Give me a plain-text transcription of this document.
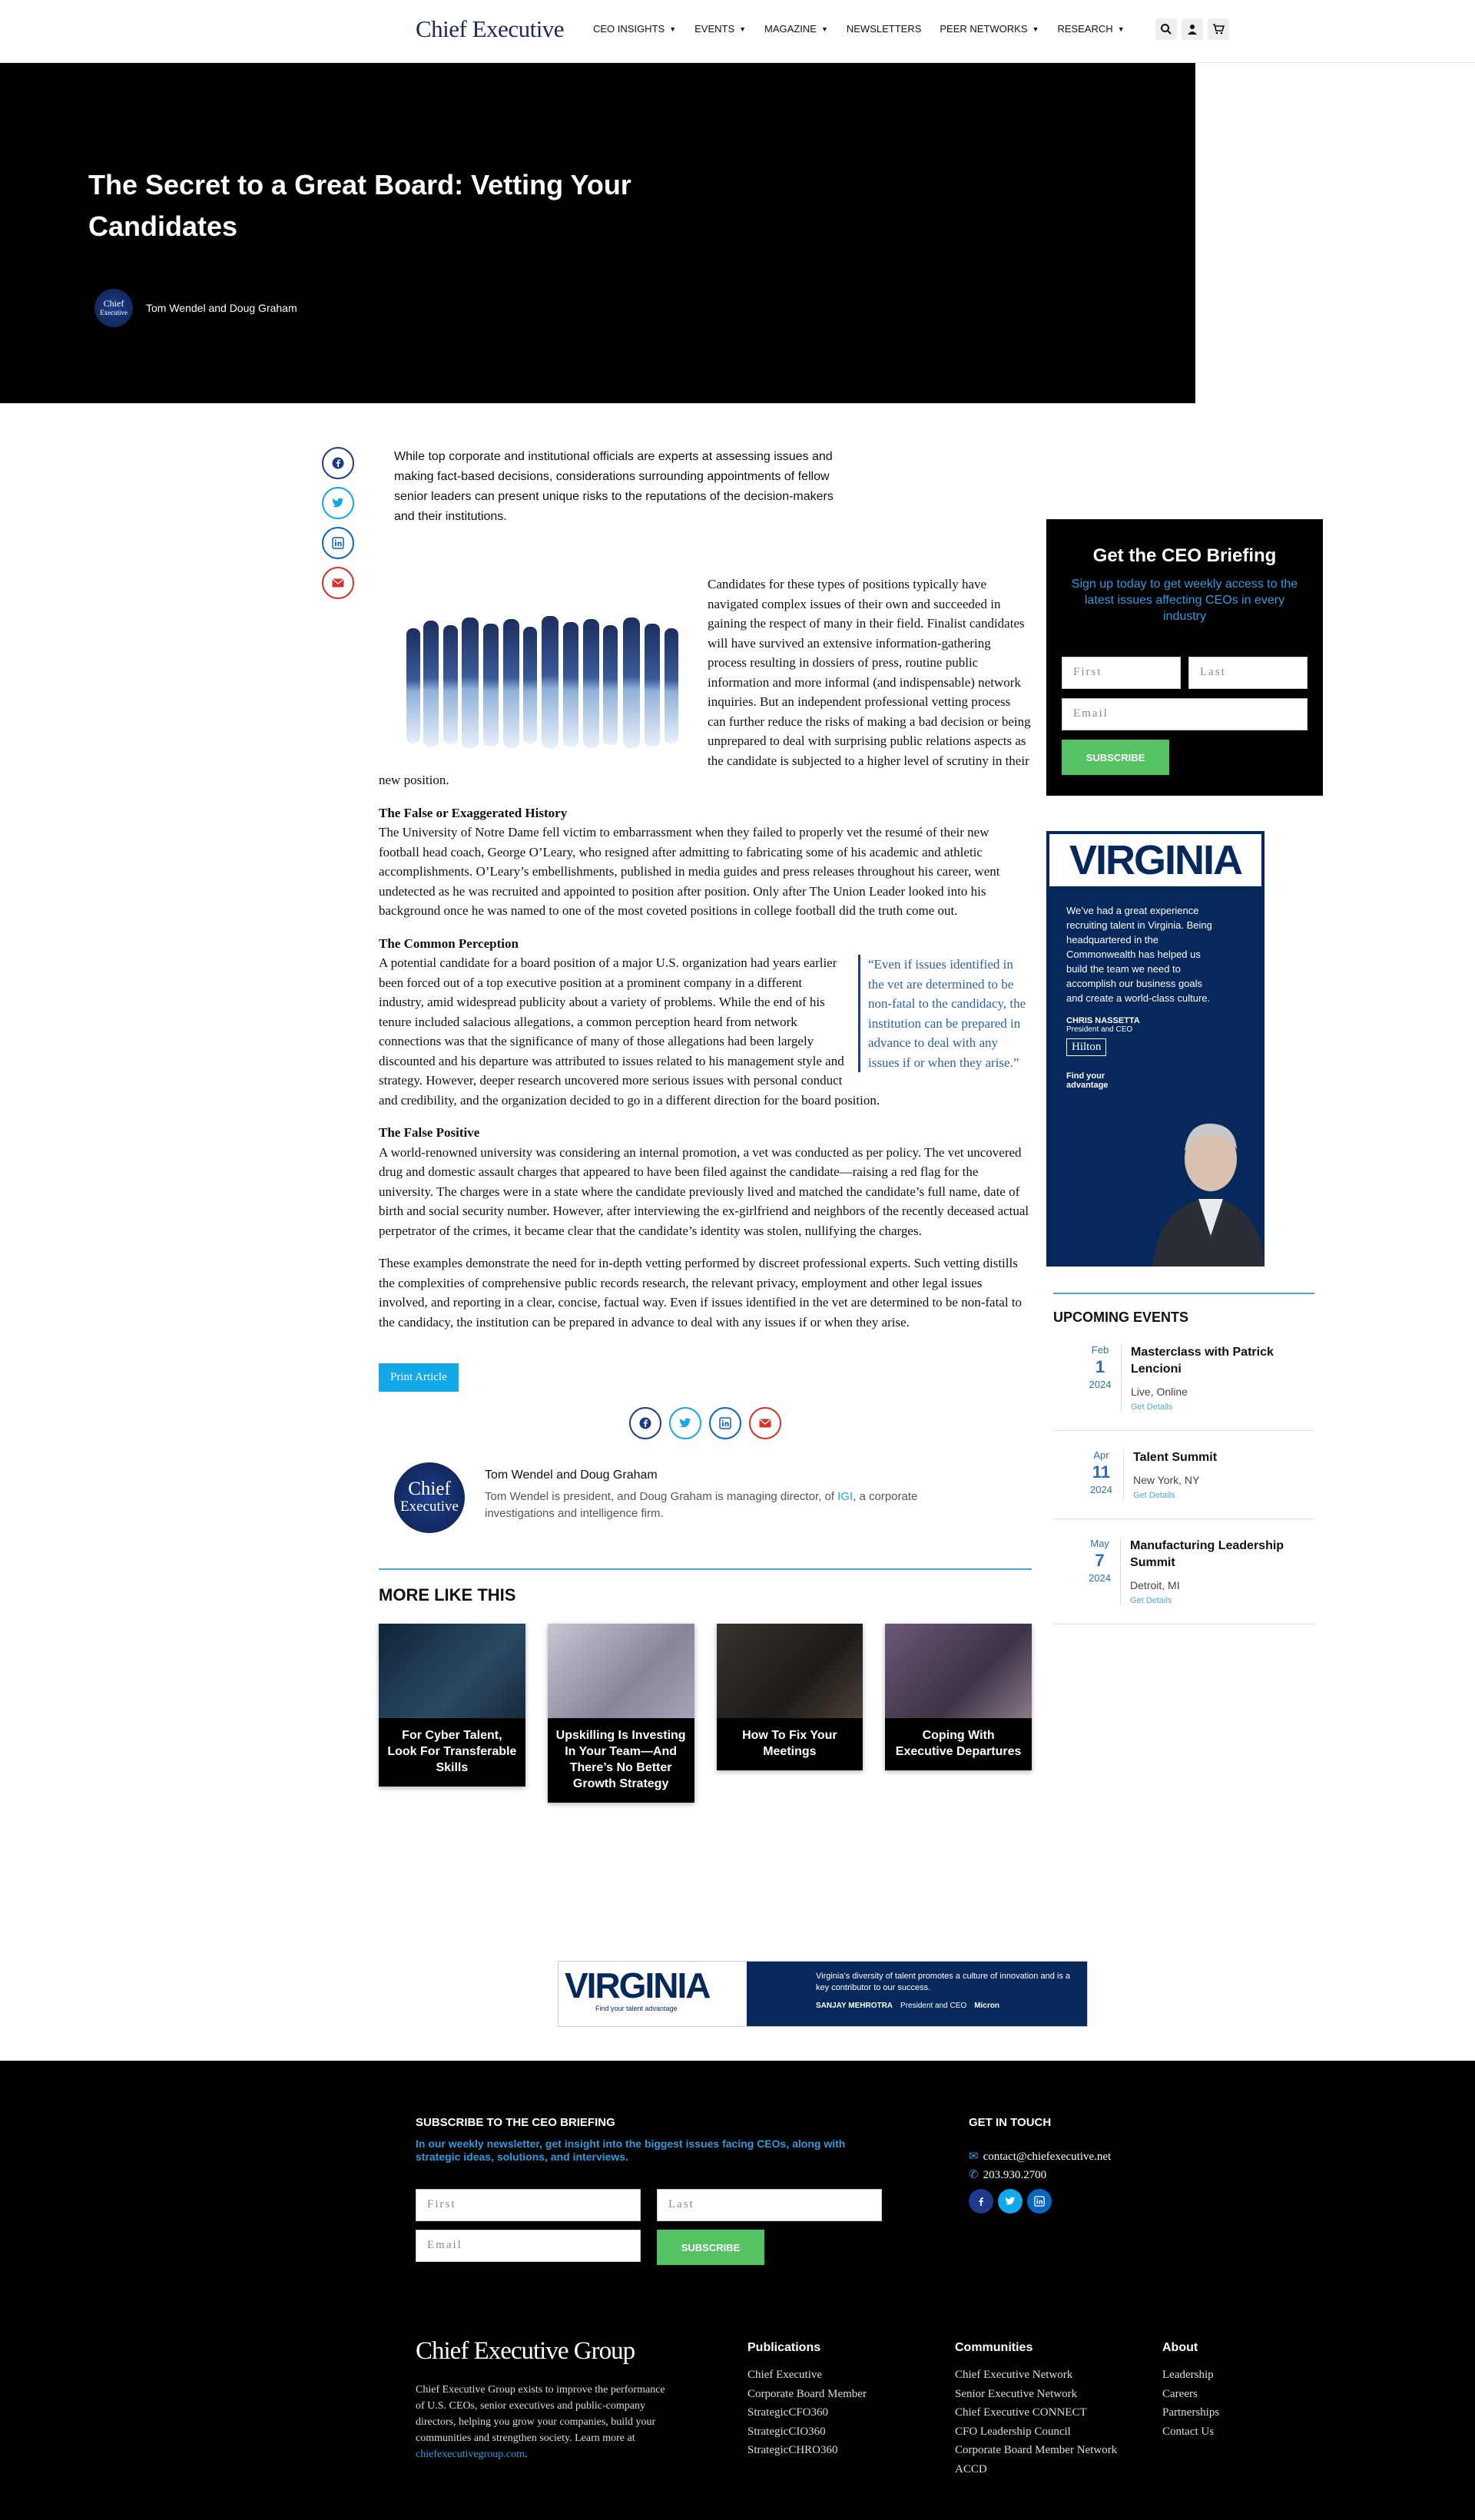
Chief Executive	CEO INSIGHTS ▼ EVENTS ▼ MAGAZINE ▼ NEWSLETTERS PEER NETWORKS ▼ RESEARCH ▼
The Secret to a Great Board: Vetting Your Candidates
Chief
Executive Tom Wendel and Doug Graham

While top corporate and institutional officials are experts at assessing issues and making fact-based decisions, considerations surrounding appointments of fellow senior leaders can present unique risks to the reputations of the decision-makers and their institutions.

Candidates for these types of positions typically have navigated complex issues of their own and succeeded in gaining the respect of many in their field. Finalist candidates will have survived an extensive information-gathering process resulting in dossiers of press, routine public information and more informal (and indispensable) network inquiries. But an independent professional vetting process can further reduce the risks of making a bad decision or being unprepared to deal with surprising public relations aspects as the candidate is subjected to a higher level of scrutiny in their new position.

The False or Exaggerated History

The University of Notre Dame fell victim to embarrassment when they failed to properly vet the resumé of their new football head coach, George O’Leary, who resigned after admitting to fabricating some of his academic and athletic accomplishments. O’Leary’s embellishments, published in media guides and press releases throughout his career, went undetected as he was recruited and appointed to position after position. Only after The Union Leader looked into his background once he was named to one of the most coveted positions in college football did the truth come out.

The Common Perception
“Even if issues identified in the vet are determined to be non-fatal to the candidacy, the institution can be prepared in advance to deal with any issues if or when they arise.”

A potential candidate for a board position of a major U.S. organization had years earlier been forced out of a top executive position at a prominent company in a different industry, amid widespread publicity about a variety of problems. While the end of his tenure included salacious allegations, a common perception heard from network connections was that the significance of many of those allegations had been largely discounted and his departure was attributed to issues related to his management style and strategy. However, deeper research uncovered more serious issues with personal conduct and credibility, and the organization decided to go in a different direction for the board position.

The False Positive

A world-renowned university was considering an internal promotion, a vet was conducted as per policy. The vet uncovered drug and domestic assault charges that appeared to have been filed against the candidate—raising a red flag for the university. The charges were in a state where the candidate previously lived and matched the candidate’s full name, date of birth and social security number. However, after interviewing the ex-girlfriend and neighbors of the recently deceased actual perpetrator of the crimes, it became clear that the candidate’s identity was stolen, nullifying the charges.

These examples demonstrate the need for in-depth vetting performed by discreet professional experts. Such vetting distills the complexities of comprehensive public records research, the relevant privacy, employment and other legal issues involved, and reporting in a clear, concise, factual way. Even if issues identified in the vet are determined to be non-fatal to the candidacy, the institution can be prepared in advance to deal with any issues if or when they arise.

Print Article
Chief
Executive
Tom Wendel and Doug Graham
Tom Wendel is president, and Doug Graham is managing director, of IGI, a corporate investigations and intelligence firm.
MORE LIKE THIS
For Cyber Talent, Look For Transferable Skills
Upskilling Is Investing In Your Team—And There’s No Better Growth Strategy
How To Fix Your Meetings
Coping With Executive Departures
Get the CEO Briefing

Sign up today to get weekly access to the latest issues affecting CEOs in every industry

First	Last
Email
SUBSCRIBE
VIRGINIA
We’ve had a great experience recruiting talent in Virginia. Being headquartered in the Commonwealth has helped us build the team we need to accomplish our business goals and create a world-class culture.
CHRIS NASSETTA
President and CEO
Hilton
Find your advantage
UPCOMING EVENTS
Feb
1
2024
Masterclass with Patrick Lencioni
Live, Online
Get Details
Apr
11
2024
Talent Summit
New York, NY
Get Details
May
7
2024
Manufacturing Leadership Summit
Detroit, MI
Get Details
VIRGINIA
Find your talent advantage
Virginia’s diversity of talent promotes a culture of innovation and is a key contributor to our success.
SANJAY MEHROTRA President and CEO Micron
SUBSCRIBE TO THE CEO BRIEFING
In our weekly newsletter, get insight into the biggest issues facing CEOs, along with strategic ideas, solutions, and interviews.
First	Last
Email	SUBSCRIBE
GET IN TOUCH
✉ contact@chiefexecutive.net
✆ 203.930.2700
Chief Executive Group
Chief Executive Group exists to improve the performance of U.S. CEOs, senior executives and public-company directors, helping you grow your companies, build your communities and strengthen society. Learn more at chiefexecutivegroup.com.
Publications
Chief Executive
Corporate Board Member
StrategicCFO360
StrategicCIO360
StrategicCHRO360
Communities
Chief Executive Network
Senior Executive Network
Chief Executive CONNECT
CFO Leadership Council
Corporate Board Member Network
ACCD
About
Leadership
Careers
Partnerships
Contact Us
